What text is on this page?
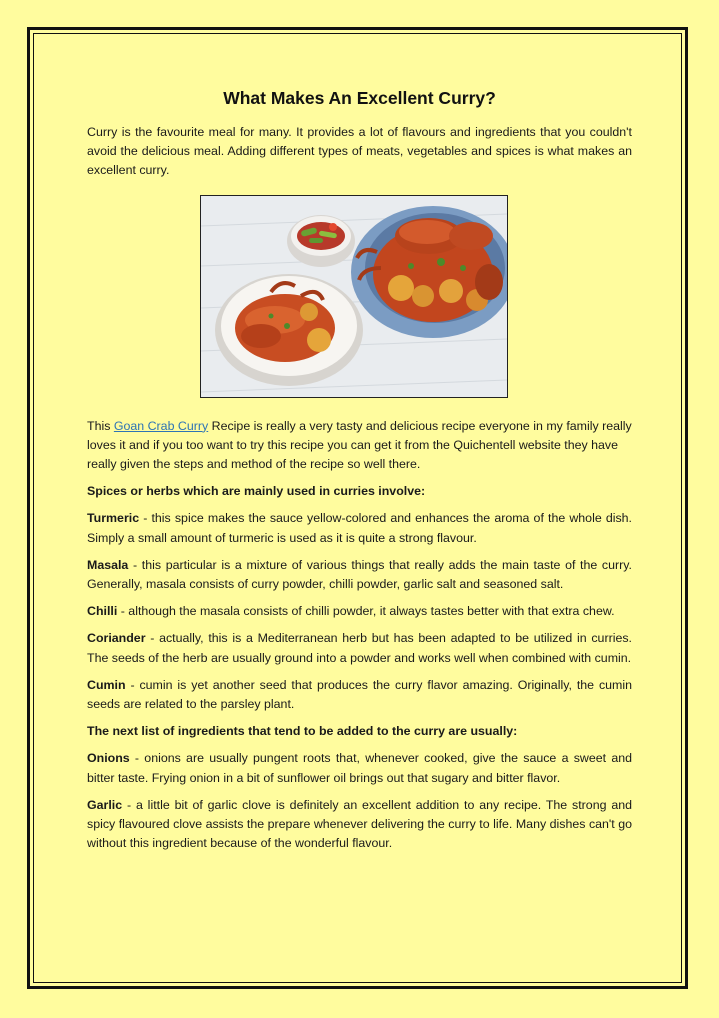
What Makes An Excellent Curry?

Curry is the favourite meal for many. It provides a lot of flavours and ingredients that you couldn't avoid the delicious meal. Adding different types of meats, vegetables and spices is what makes an excellent curry.

This Goan Crab Curry Recipe is really a very tasty and delicious recipe everyone in my family really loves it and if you too want to try this recipe you can get it from the Quichentell website they have really given the steps and method of the recipe so well there.

Spices or herbs which are mainly used in curries involve:

Turmeric - this spice makes the sauce yellow-colored and enhances the aroma of the whole dish. Simply a small amount of turmeric is used as it is quite a strong flavour.

Masala - this particular is a mixture of various things that really adds the main taste of the curry. Generally, masala consists of curry powder, chilli powder, garlic salt and seasoned salt.

Chilli - although the masala consists of chilli powder, it always tastes better with that extra chew.

Coriander - actually, this is a Mediterranean herb but has been adapted to be utilized in curries. The seeds of the herb are usually ground into a powder and works well when combined with cumin.

Cumin - cumin is yet another seed that produces the curry flavor amazing. Originally, the cumin seeds are related to the parsley plant.

The next list of ingredients that tend to be added to the curry are usually:

Onions - onions are usually pungent roots that, whenever cooked, give the sauce a sweet and bitter taste. Frying onion in a bit of sunflower oil brings out that sugary and bitter flavor.

Garlic - a little bit of garlic clove is definitely an excellent addition to any recipe. The strong and spicy flavoured clove assists the prepare whenever delivering the curry to life. Many dishes can't go without this ingredient because of the wonderful flavour.
